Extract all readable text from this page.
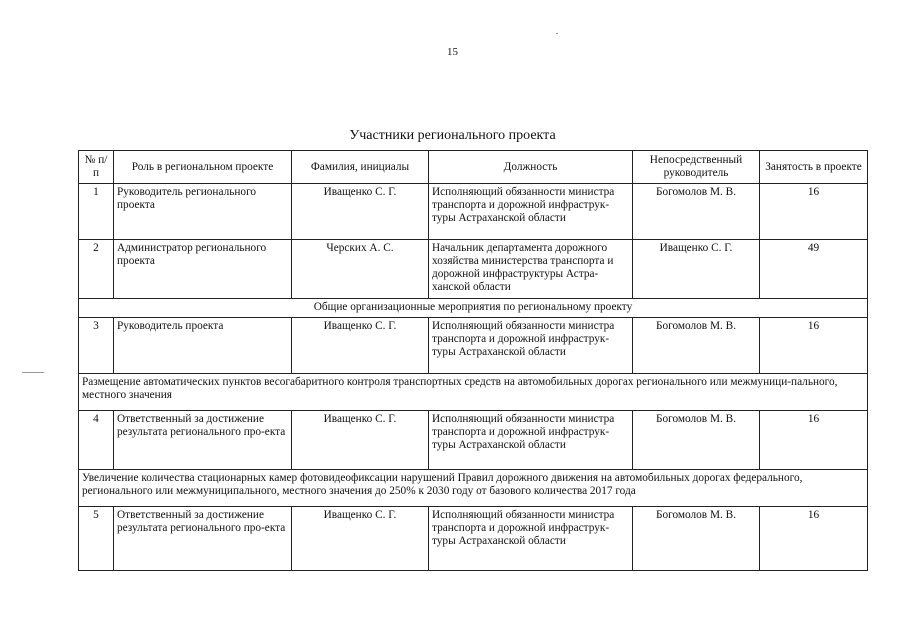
15
Участники регионального проекта
№ п/п	Роль в региональном проекте	Фамилия, инициалы	Должность	Непосредственный руководитель	Занятость в проекте
1	Руководитель регионального проекта	Иващенко С. Г.	Исполняющий обязанности министра транспорта и дорожной инфраструк-туры Астраханской области	Богомолов М. В.	16
2	Администратор регионального проекта	Черских А. С.	Начальник департамента дорожного хозяйства министерства транспорта и дорожной инфраструктуры Астра-ханской области	Иващенко С. Г.	49
Общие организационные мероприятия по региональному проекту					
3	Руководитель проекта	Иващенко С. Г.	Исполняющий обязанности министра транспорта и дорожной инфраструк-туры Астраханской области	Богомолов М. В.	16
Размещение автоматических пунктов весогабаритного контроля транспортных средств на автомобильных дорогах регионального или межмуници-пального, местного значения					
4	Ответственный за достижение результата регионального про-екта	Иващенко С. Г.	Исполняющий обязанности министра транспорта и дорожной инфраструк-туры Астраханской области	Богомолов М. В.	16
Увеличение количества стационарных камер фотовидеофиксации нарушений Правил дорожного движения на автомобильных дорогах федерального, регионального или межмуниципального, местного значения до 250% к 2030 году от базового количества 2017 года					
5	Ответственный за достижение результата регионального про-екта	Иващенко С. Г.	Исполняющий обязанности министра транспорта и дорожной инфраструк-туры Астраханской области	Богомолов М. В.	16
